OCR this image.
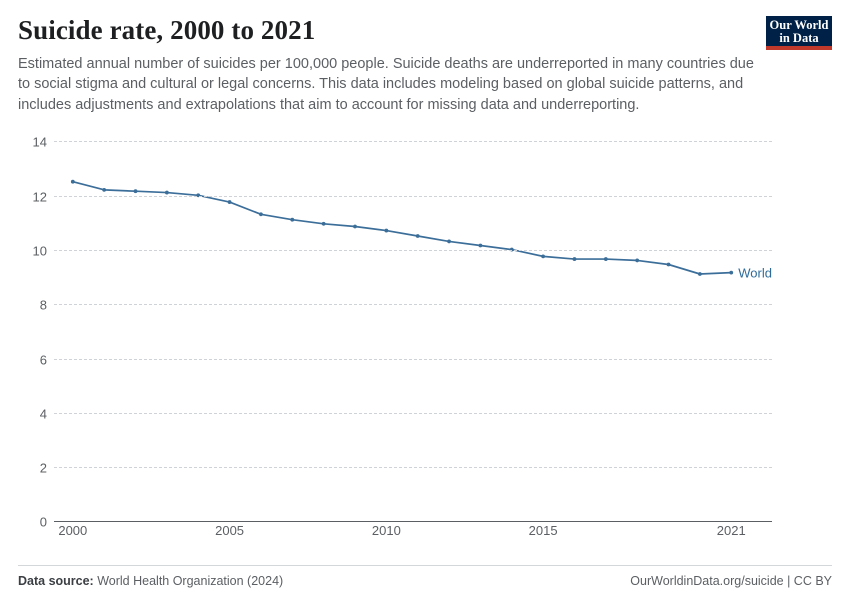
Suicide rate, 2000 to 2021

Estimated annual number of suicides per 100,000 people. Suicide deaths are underreported in many countries due to social stigma and cultural or legal concerns. This data includes modeling based on global suicide patterns, and includes adjustments and extrapolations that aim to account for missing data and underreporting.

Our World
in Data
0
2
4
6
8
10
12
14
World
2000	2005	2010	2015	2021
Data source: World Health Organization (2024)	OurWorldinData.org/suicide | CC BY
